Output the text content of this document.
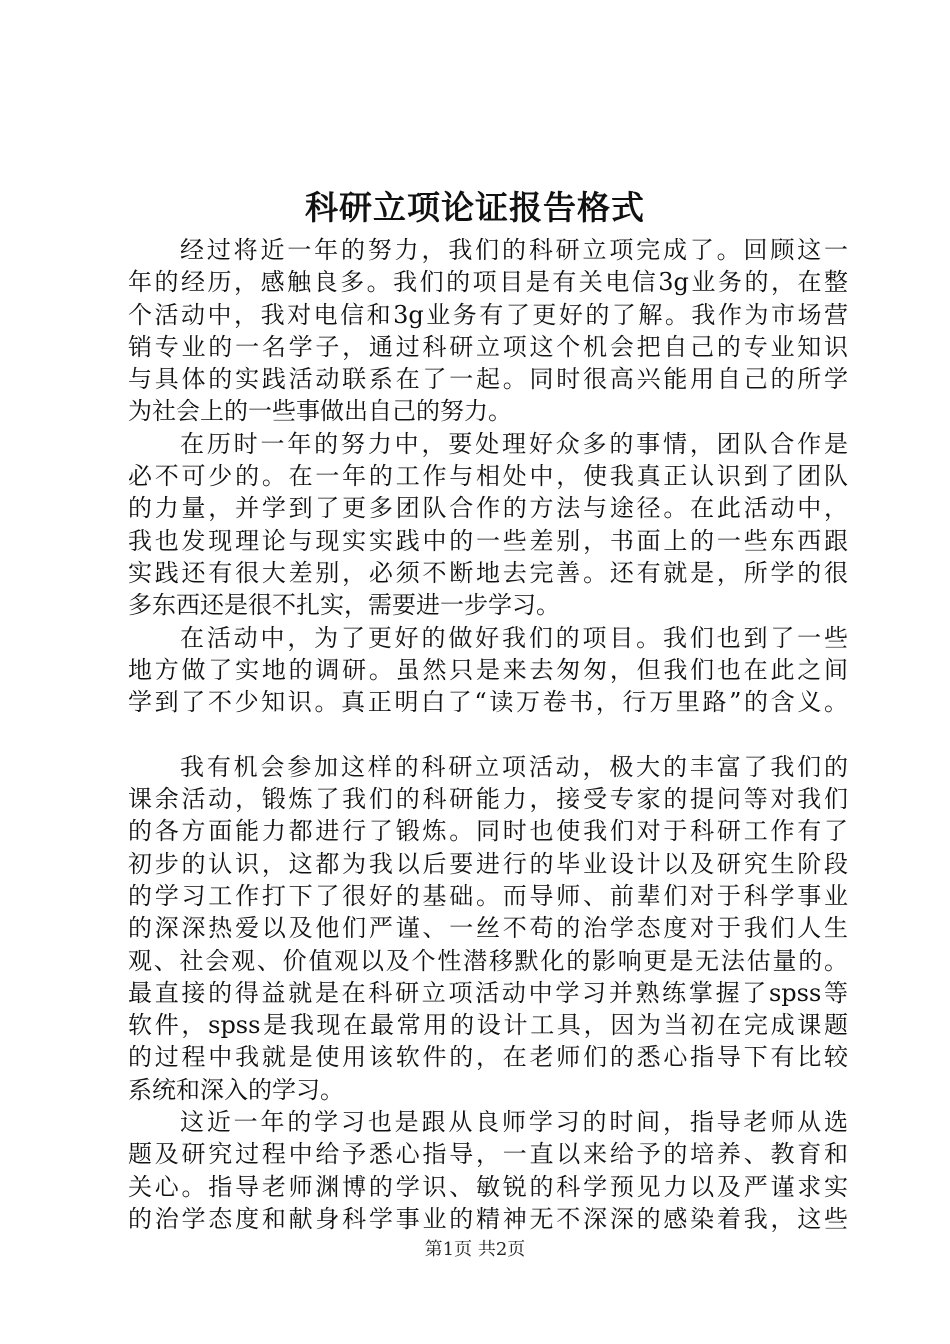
科研立项论证报告格式
经过将近一年的努力，我们的科研立项完成了。回顾这一
年的经历，感触良多。我们的项目是有关电信3g业务的，在整
个活动中，我对电信和3g业务有了更好的了解。我作为市场营
销专业的一名学子，通过科研立项这个机会把自己的专业知识
与具体的实践活动联系在了一起。同时很高兴能用自己的所学
为社会上的一些事做出自己的努力。
在历时一年的努力中，要处理好众多的事情，团队合作是
必不可少的。在一年的工作与相处中，使我真正认识到了团队
的力量，并学到了更多团队合作的方法与途径。在此活动中，
我也发现理论与现实实践中的一些差别，书面上的一些东西跟
实践还有很大差别，必须不断地去完善。还有就是，所学的很
多东西还是很不扎实，需要进一步学习。
在活动中，为了更好的做好我们的项目。我们也到了一些
地方做了实地的调研。虽然只是来去匆匆，但我们也在此之间
学到了不少知识。真正明白了“读万卷书，行万里路”的含义。
我有机会参加这样的科研立项活动，极大的丰富了我们的
课余活动，锻炼了我们的科研能力，接受专家的提问等对我们
的各方面能力都进行了锻炼。同时也使我们对于科研工作有了
初步的认识，这都为我以后要进行的毕业设计以及研究生阶段
的学习工作打下了很好的基础。而导师、前辈们对于科学事业
的深深热爱以及他们严谨、一丝不苟的治学态度对于我们人生
观、社会观、价值观以及个性潜移默化的影响更是无法估量的。
最直接的得益就是在科研立项活动中学习并熟练掌握了spss等
软件，spss是我现在最常用的设计工具，因为当初在完成课题
的过程中我就是使用该软件的，在老师们的悉心指导下有比较
系统和深入的学习。
这近一年的学习也是跟从良师学习的时间，指导老师从选
题及研究过程中给予悉心指导，一直以来给予的培养、教育和
关心。指导老师渊博的学识、敏锐的科学预见力以及严谨求实
的治学态度和献身科学事业的精神无不深深的感染着我，这些
第1页 共2页
